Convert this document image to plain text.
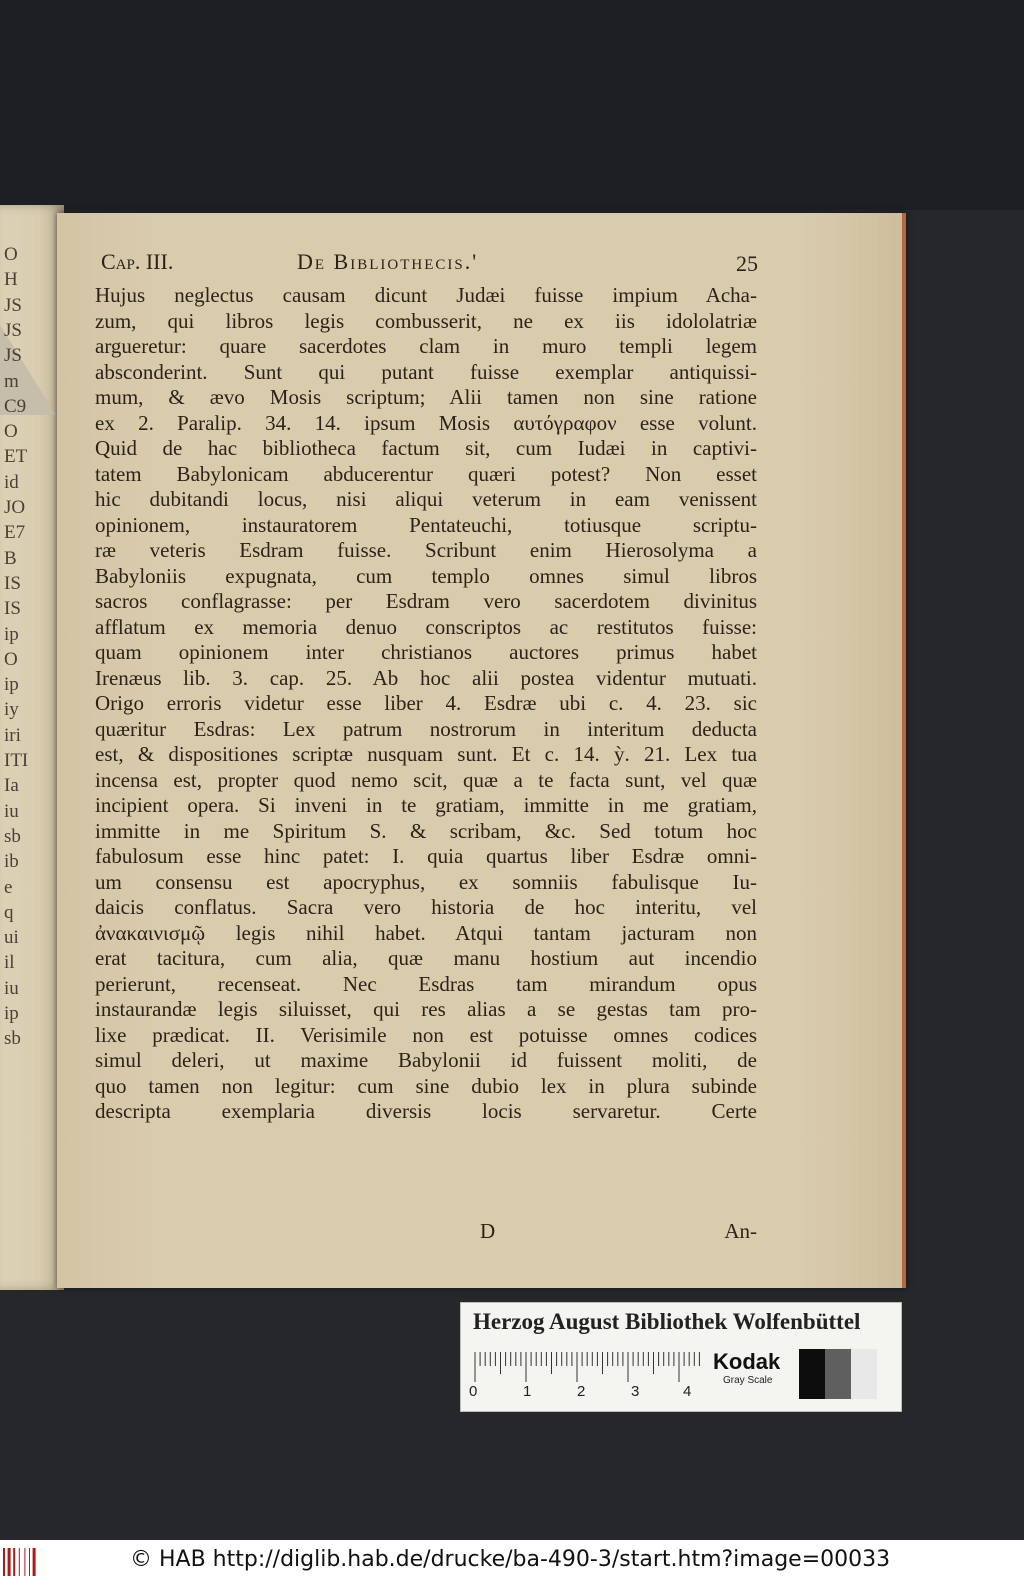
O
H
JS
JS
JS
m
C9
O
ET
id
JO
E7
B
IS
IS
ip
O
ip
iy
iri
ITI
Ia
iu
sb
ib
e
q
ui
il
iu
ip
sb
Cap. III.	De Bibliothecis.'	25
Hujus neglectus causam dicunt Judæi fuisse impium Acha-
zum, qui libros legis combusserit, ne ex iis idololatriæ
argueretur: quare sacerdotes clam in muro templi legem
absconderint. Sunt qui putant fuisse exemplar antiquissi-
mum, & ævo Mosis scriptum; Alii tamen non sine ratione
ex 2. Paralip. 34. 14. ipsum Mosis αυτόγραφον esse volunt.
Quid de hac bibliotheca factum sit, cum Iudæi in captivi-
tatem Babylonicam abducerentur quæri potest? Non esset
hic dubitandi locus, nisi aliqui veterum in eam venissent
opinionem, instauratorem Pentateuchi, totiusque scriptu-
ræ veteris Esdram fuisse. Scribunt enim Hierosolyma a
Babyloniis expugnata, cum templo omnes simul libros
sacros conflagrasse: per Esdram vero sacerdotem divinitus
afflatum ex memoria denuo conscriptos ac restitutos fuisse:
quam opinionem inter christianos auctores primus habet
Irenæus lib. 3. cap. 25. Ab hoc alii postea videntur mutuati.
Origo erroris videtur esse liber 4. Esdræ ubi c. 4. 23. sic
quæritur Esdras: Lex patrum nostrorum in interitum deducta
est, & dispositiones scriptæ nusquam sunt. Et c. 14. ỳ. 21. Lex tua
incensa est, propter quod nemo scit, quæ a te facta sunt, vel quæ
incipient opera. Si inveni in te gratiam, immitte in me gratiam,
immitte in me Spiritum S. & scribam, &c. Sed totum hoc
fabulosum esse hinc patet: I. quia quartus liber Esdræ omni-
um consensu est apocryphus, ex somniis fabulisque Iu-
daicis conflatus. Sacra vero historia de hoc interitu, vel
ἀνακαινισμῷ legis nihil habet. Atqui tantam jacturam non
erat tacitura, cum alia, quæ manu hostium aut incendio
perierunt, recenseat. Nec Esdras tam mirandum opus
instaurandæ legis siluisset, qui res alias a se gestas tam pro-
lixe prædicat. II. Verisimile non est potuisse omnes codices
simul deleri, ut maxime Babylonii id fuissent moliti, de
quo tamen non legitur: cum sine dubio lex in plura subinde
descripta exemplaria diversis locis servaretur. Certe
D	An-
Herzog August Bibliothek Wolfenbüttel
0	1	2	3	4
Kodak
Gray Scale
© HAB http://diglib.hab.de/drucke/ba-490-3/start.htm?image=00033
